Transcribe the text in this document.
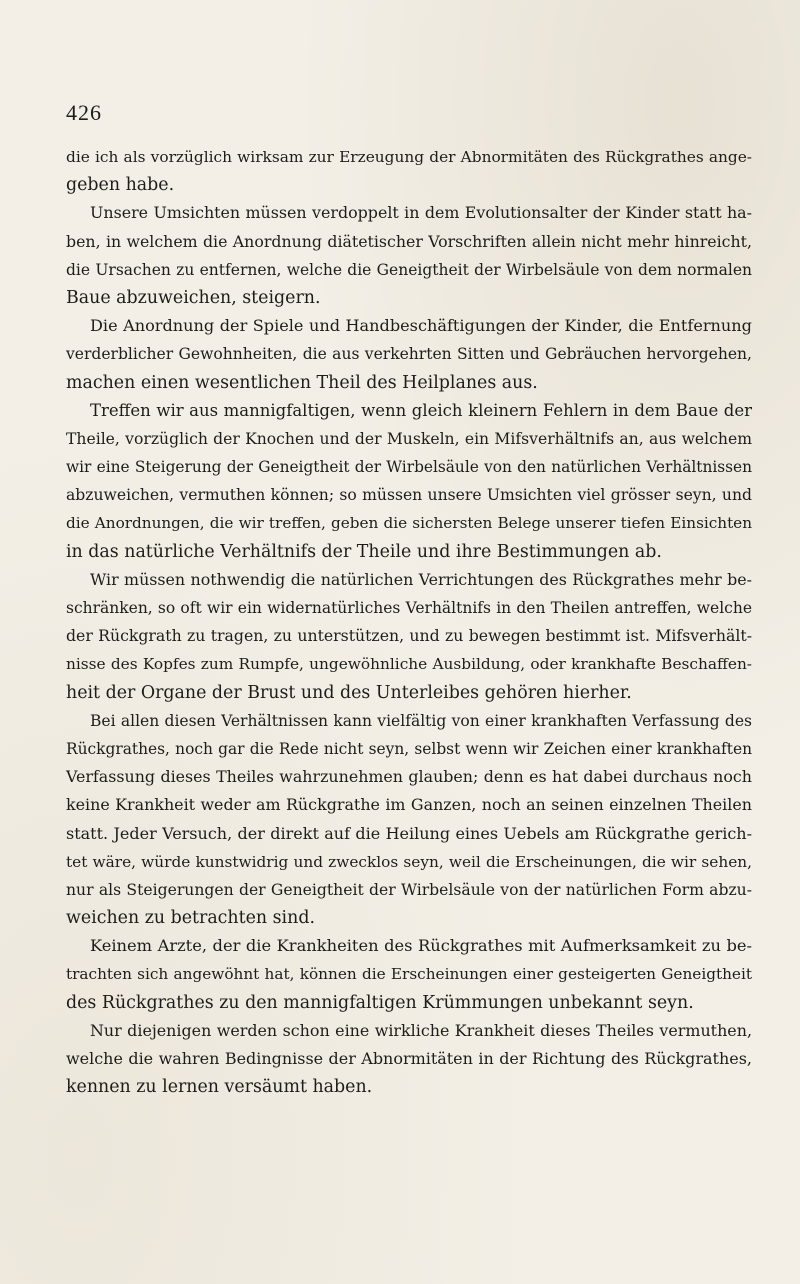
426
die ich als vorzüglich wirksam zur Erzeugung der Abnormitäten des Rückgrathes ange-
geben habe.
Unsere Umsichten müssen verdoppelt in dem Evolutionsalter der Kinder statt ha-
ben, in welchem die Anordnung diätetischer Vorschriften allein nicht mehr hinreicht,
die Ursachen zu entfernen, welche die Geneigtheit der Wirbelsäule von dem normalen
Baue abzuweichen, steigern.
Die Anordnung der Spiele und Handbeschäftigungen der Kinder, die Entfernung
verderblicher Gewohnheiten, die aus verkehrten Sitten und Gebräuchen hervorgehen,
machen einen wesentlichen Theil des Heilplanes aus.
Treffen wir aus mannigfaltigen, wenn gleich kleinern Fehlern in dem Baue der
Theile, vorzüglich der Knochen und der Muskeln, ein Mifsverhältnifs an, aus welchem
wir eine Steigerung der Geneigtheit der Wirbelsäule von den natürlichen Verhältnissen
abzuweichen, vermuthen können; so müssen unsere Umsichten viel grösser seyn, und
die Anordnungen, die wir treffen, geben die sichersten Belege unserer tiefen Einsichten
in das natürliche Verhältnifs der Theile und ihre Bestimmungen ab.
Wir müssen nothwendig die natürlichen Verrichtungen des Rückgrathes mehr be-
schränken, so oft wir ein widernatürliches Verhältnifs in den Theilen antreffen, welche
der Rückgrath zu tragen, zu unterstützen, und zu bewegen bestimmt ist. Mifsverhält-
nisse des Kopfes zum Rumpfe, ungewöhnliche Ausbildung, oder krankhafte Beschaffen-
heit der Organe der Brust und des Unterleibes gehören hierher.
Bei allen diesen Verhältnissen kann vielfältig von einer krankhaften Verfassung des
Rückgrathes, noch gar die Rede nicht seyn, selbst wenn wir Zeichen einer krankhaften
Verfassung dieses Theiles wahrzunehmen glauben; denn es hat dabei durchaus noch
keine Krankheit weder am Rückgrathe im Ganzen, noch an seinen einzelnen Theilen
statt. Jeder Versuch, der direkt auf die Heilung eines Uebels am Rückgrathe gerich-
tet wäre, würde kunstwidrig und zwecklos seyn, weil die Erscheinungen, die wir sehen,
nur als Steigerungen der Geneigtheit der Wirbelsäule von der natürlichen Form abzu-
weichen zu betrachten sind.
Keinem Arzte, der die Krankheiten des Rückgrathes mit Aufmerksamkeit zu be-
trachten sich angewöhnt hat, können die Erscheinungen einer gesteigerten Geneigtheit
des Rückgrathes zu den mannigfaltigen Krümmungen unbekannt seyn.
Nur diejenigen werden schon eine wirkliche Krankheit dieses Theiles vermuthen,
welche die wahren Bedingnisse der Abnormitäten in der Richtung des Rückgrathes,
kennen zu lernen versäumt haben.
